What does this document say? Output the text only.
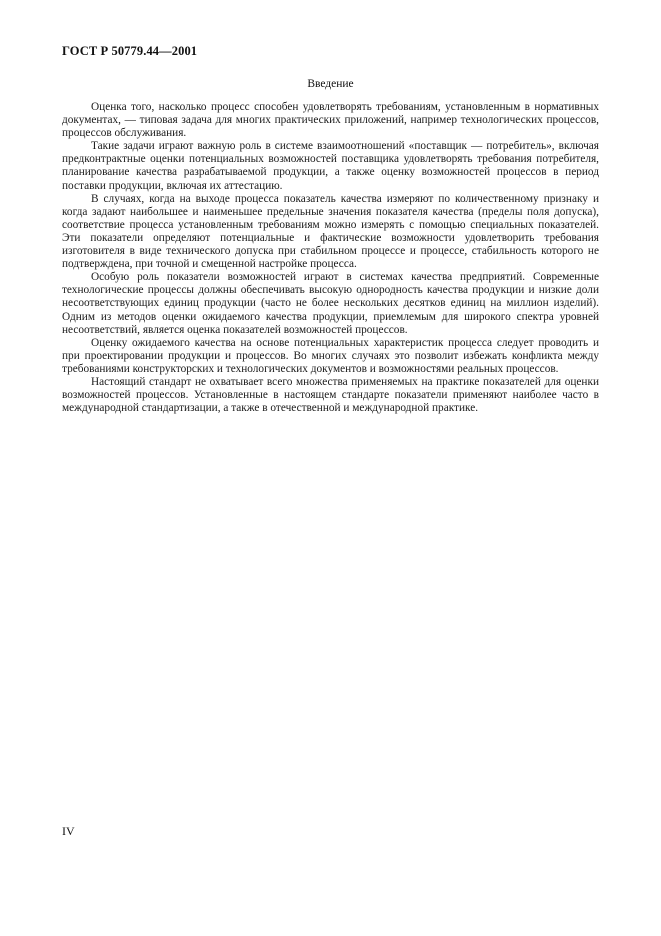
ГОСТ Р 50779.44—2001
Введение

Оценка того, насколько процесс способен удовлетворять требованиям, установленным в нормативных документах, — типовая задача для многих практических приложений, например технологических процессов, процессов обслуживания.

Такие задачи играют важную роль в системе взаимоотношений «поставщик — потребитель», включая предконтрактные оценки потенциальных возможностей поставщика удовлетворять требования потребителя, планирование качества разрабатываемой продукции, а также оценку возможностей процессов в период поставки продукции, включая их аттестацию.

В случаях, когда на выходе процесса показатель качества измеряют по количественному признаку и когда задают наибольшее и наименьшее предельные значения показателя качества (пределы поля допуска), соответствие процесса установленным требованиям можно измерять с помощью специальных показателей. Эти показатели определяют потенциальные и фактические возможности удовлетворить требования изготовителя в виде технического допуска при стабильном процессе и процессе, стабильность которого не подтверждена, при точной и смещенной настройке процесса.

Особую роль показатели возможностей играют в системах качества предприятий. Современные технологические процессы должны обеспечивать высокую однородность качества продукции и низкие доли несоответствующих единиц продукции (часто не более нескольких десятков единиц на миллион изделий). Одним из методов оценки ожидаемого качества продукции, приемлемым для широкого спектра уровней несоответствий, является оценка показателей возможностей процессов.

Оценку ожидаемого качества на основе потенциальных характеристик процесса следует проводить и при проектировании продукции и процессов. Во многих случаях это позволит избежать конфликта между требованиями конструкторских и технологических документов и возможностями реальных процессов.

Настоящий стандарт не охватывает всего множества применяемых на практике показателей для оценки возможностей процессов. Установленные в настоящем стандарте показатели применяют наиболее часто в международной стандартизации, а также в отечественной и международной практике.

IV
